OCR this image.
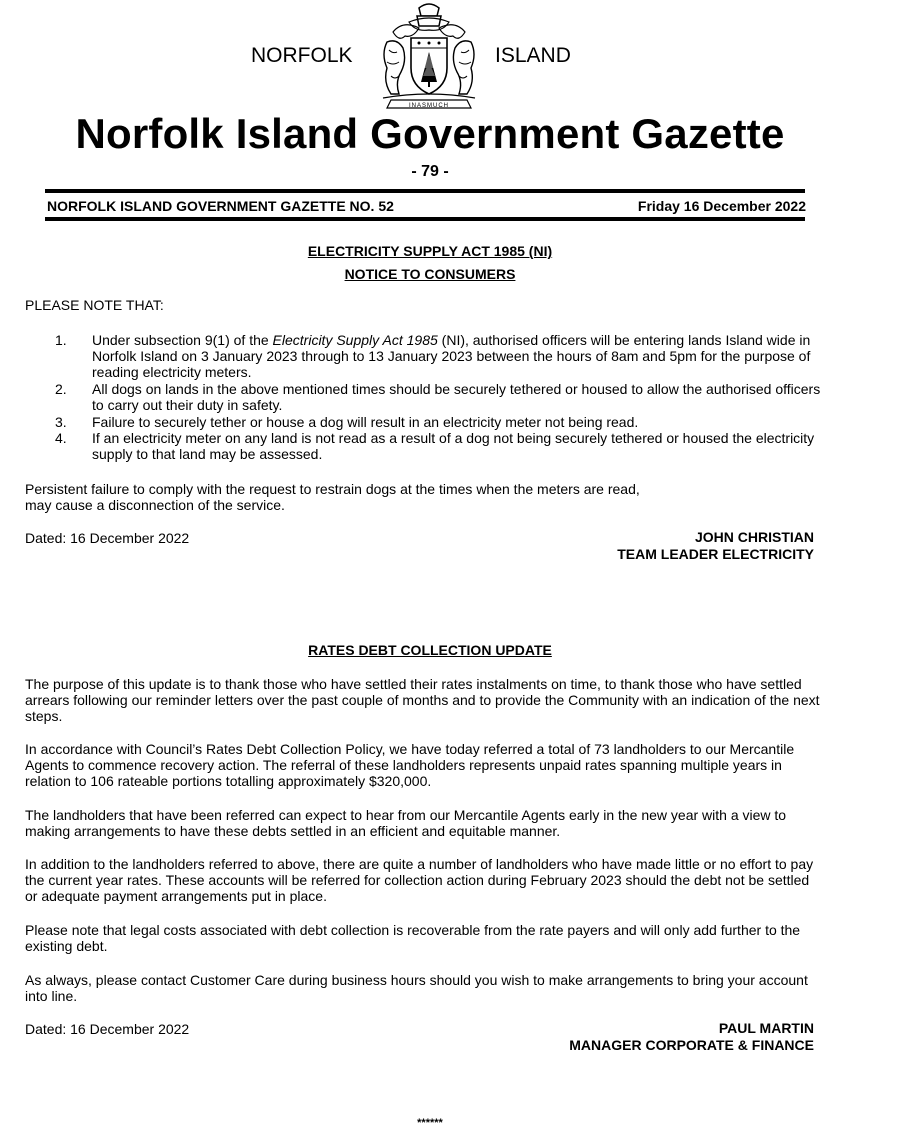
NORFOLK	ISLAND
INASMUCH
Norfolk Island Government Gazette
- 79 -
NORFOLK ISLAND GOVERNMENT GAZETTE NO. 52	Friday 16 December 2022
ELECTRICITY SUPPLY ACT 1985 (NI)
NOTICE TO CONSUMERS
PLEASE NOTE THAT:
1. Under subsection 9(1) of the Electricity Supply Act 1985 (NI), authorised officers will be entering lands Island wide in Norfolk Island on 3 January 2023 through to 13 January 2023 between the hours of 8am and 5pm for the purpose of reading electricity meters.
2. All dogs on lands in the above mentioned times should be securely tethered or housed to allow the authorised officers to carry out their duty in safety.
3. Failure to securely tether or house a dog will result in an electricity meter not being read.
4. If an electricity meter on any land is not read as a result of a dog not being securely tethered or housed the electricity supply to that land may be assessed.
Persistent failure to comply with the request to restrain dogs at the times when the meters are read,
may cause a disconnection of the service.
Dated: 16 December 2022	JOHN CHRISTIAN
TEAM LEADER ELECTRICITY
RATES DEBT COLLECTION UPDATE
The purpose of this update is to thank those who have settled their rates instalments on time, to thank those who have settled arrears following our reminder letters over the past couple of months and to provide the Community with an indication of the next steps.
In accordance with Council’s Rates Debt Collection Policy, we have today referred a total of 73 landholders to our Mercantile Agents to commence recovery action. The referral of these landholders represents unpaid rates spanning multiple years in relation to 106 rateable portions totalling approximately $320,000.
The landholders that have been referred can expect to hear from our Mercantile Agents early in the new year with a view to making arrangements to have these debts settled in an efficient and equitable manner.
In addition to the landholders referred to above, there are quite a number of landholders who have made little or no effort to pay the current year rates. These accounts will be referred for collection action during February 2023 should the debt not be settled or adequate payment arrangements put in place.
Please note that legal costs associated with debt collection is recoverable from the rate payers and will only add further to the existing debt.
As always, please contact Customer Care during business hours should you wish to make arrangements to bring your account into line.
Dated: 16 December 2022	PAUL MARTIN
MANAGER CORPORATE & FINANCE
******
